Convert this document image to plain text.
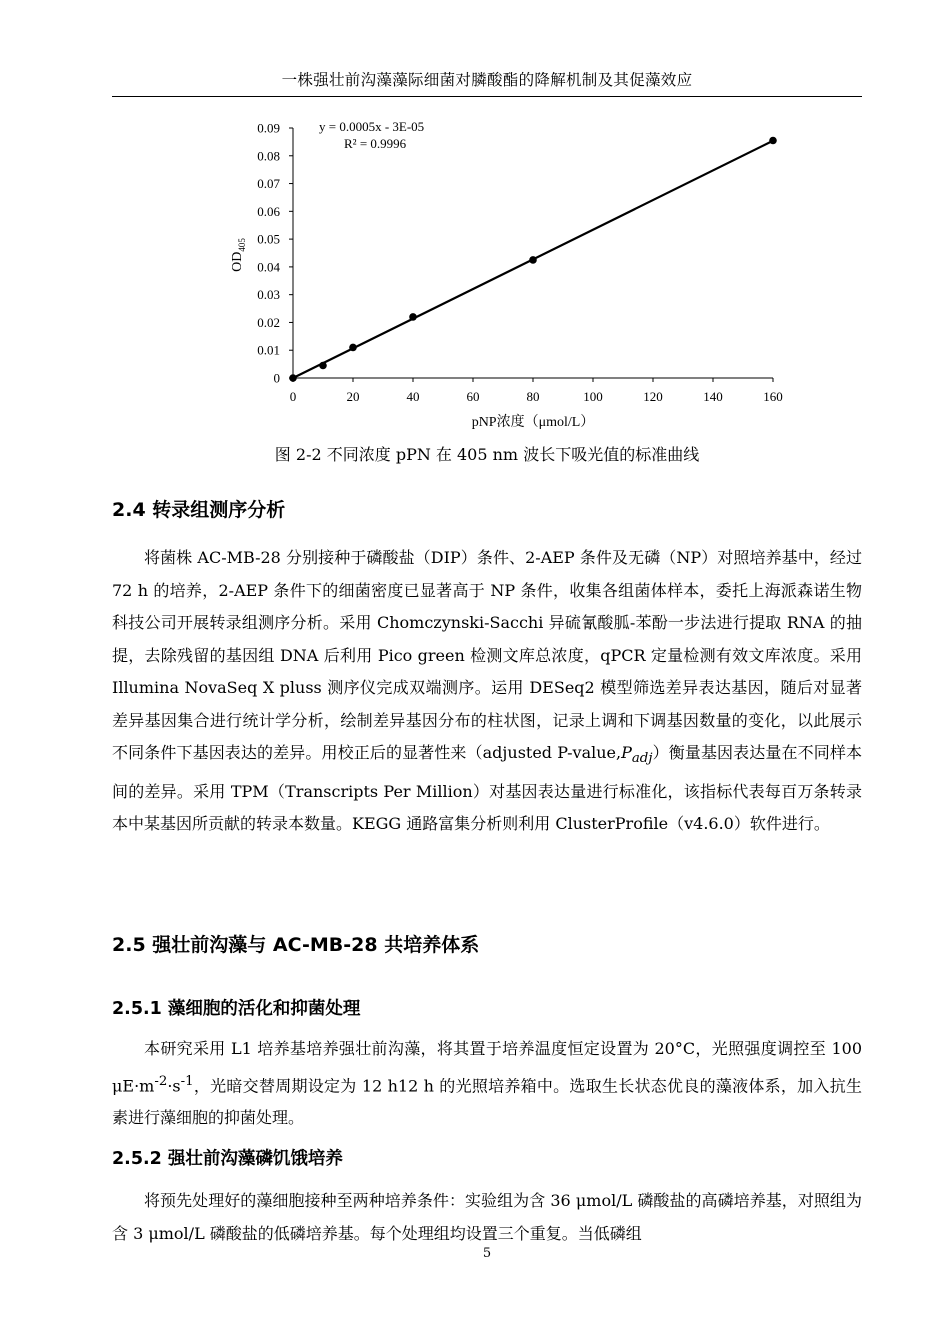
一株强壮前沟藻藻际细菌对膦酸酯的降解机制及其促藻效应
0
0.01
0.02
0.03
0.04
0.05
0.06
0.07
0.08
0.09
0	20	40	60	80	100	120	140	160
y = 0.0005x - 3E-05
R² = 0.9996
pNP浓度（μmol/L）
$OD_{405}$
图 2-2 不同浓度 pPN 在 405 nm 波长下吸光值的标准曲线
2.4 转录组测序分析

将菌株 AC-MB-28 分别接种于磷酸盐（DIP）条件、2-AEP 条件及无磷（NP）对照培养基中，经过 72 h 的培养，2-AEP 条件下的细菌密度已显著高于 NP 条件，收集各组菌体样本，委托上海派森诺生物科技公司开展转录组测序分析。采用 Chomczynski-Sacchi 异硫氰酸胍-苯酚一步法进行提取 RNA 的抽提，去除残留的基因组 DNA 后利用 Pico green 检测文库总浓度，qPCR 定量检测有效文库浓度。采用 Illumina NovaSeq X pluss 测序仪完成双端测序。运用 DESeq2 模型筛选差异表达基因，随后对显著差异基因集合进行统计学分析，绘制差异基因分布的柱状图，记录上调和下调基因数量的变化，以此展示不同条件下基因表达的差异。用校正后的显著性来（adjusted $P-value,P_{adj}$）衡量基因表达量在不同样本间的差异。采用 TPM（Transcripts Per Million）对基因表达量进行标准化，该指标代表每百万条转录本中某基因所贡献的转录本数量。KEGG 通路富集分析则利用 ClusterProfile（v4.6.0）软件进行。

2.5 强壮前沟藻与 AC-MB-28 共培养体系
2.5.1 藻细胞的活化和抑菌处理

本研究采用 L1 培养基培养强壮前沟藻，将其置于培养温度恒定设置为 20°C，光照强度调控至 100 $\mu E\cdot m^{-2}\cdot s^{-1}$，光暗交替周期设定为 12 h12 h 的光照培养箱中。选取生长状态优良的藻液体系，加入抗生素进行藻细胞的抑菌处理。

2.5.2 强壮前沟藻磷饥饿培养

将预先处理好的藻细胞接种至两种培养条件：实验组为含 36 μmol/L 磷酸盐的高磷培养基，对照组为含 3 μmol/L 磷酸盐的低磷培养基。每个处理组均设置三个重复。当低磷组

5
